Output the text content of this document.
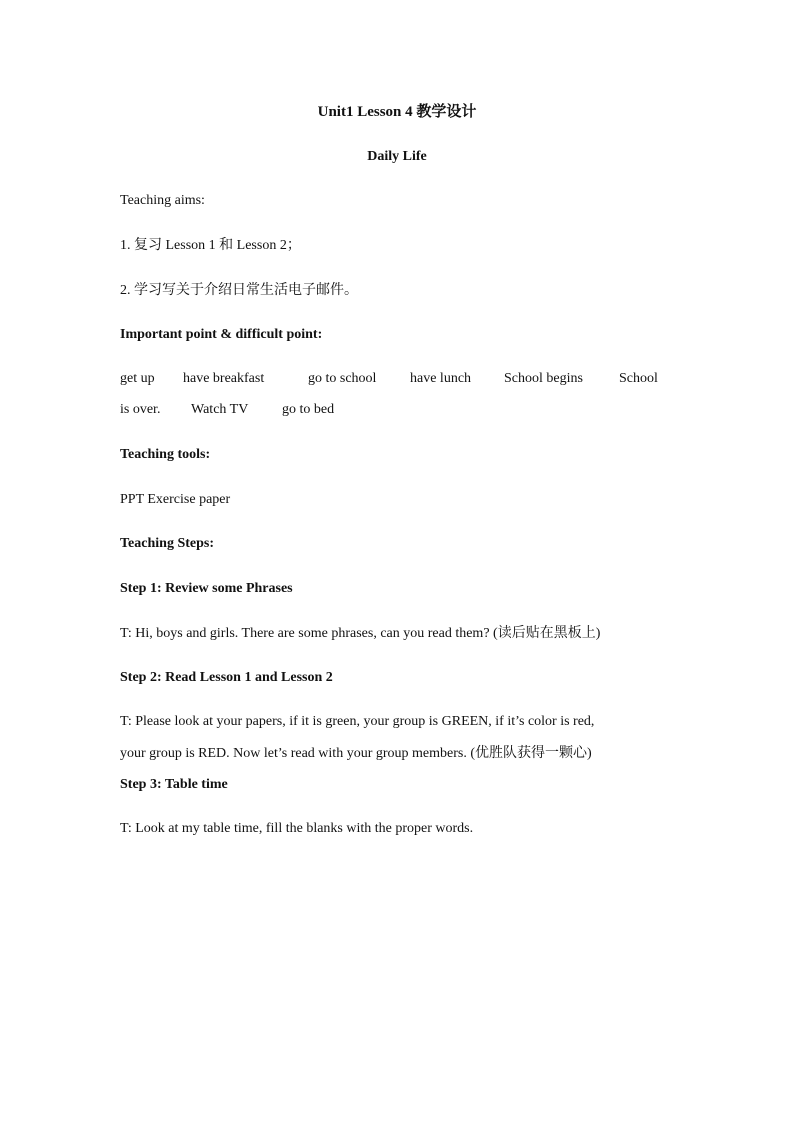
Unit1 Lesson 4 教学设计
Daily Life
Teaching aims:
1. 复习 Lesson 1 和 Lesson 2；
2. 学习写关于介绍日常生活电子邮件。
Important point & difficult point:
get up have breakfast	go to school have lunch School begins	School
is over. Watch TV go to bed
Teaching tools:
PPT Exercise paper
Teaching Steps:
Step 1: Review some Phrases
T: Hi, boys and girls. There are some phrases, can you read them? (读后贴在黑板上)
Step 2: Read Lesson 1 and Lesson 2
T: Please look at your papers, if it is green, your group is GREEN, if it’s color is red,
your group is RED. Now let’s read with your group members. (优胜队获得一颗心)
Step 3: Table time
T: Look at my table time, fill the blanks with the proper words.
